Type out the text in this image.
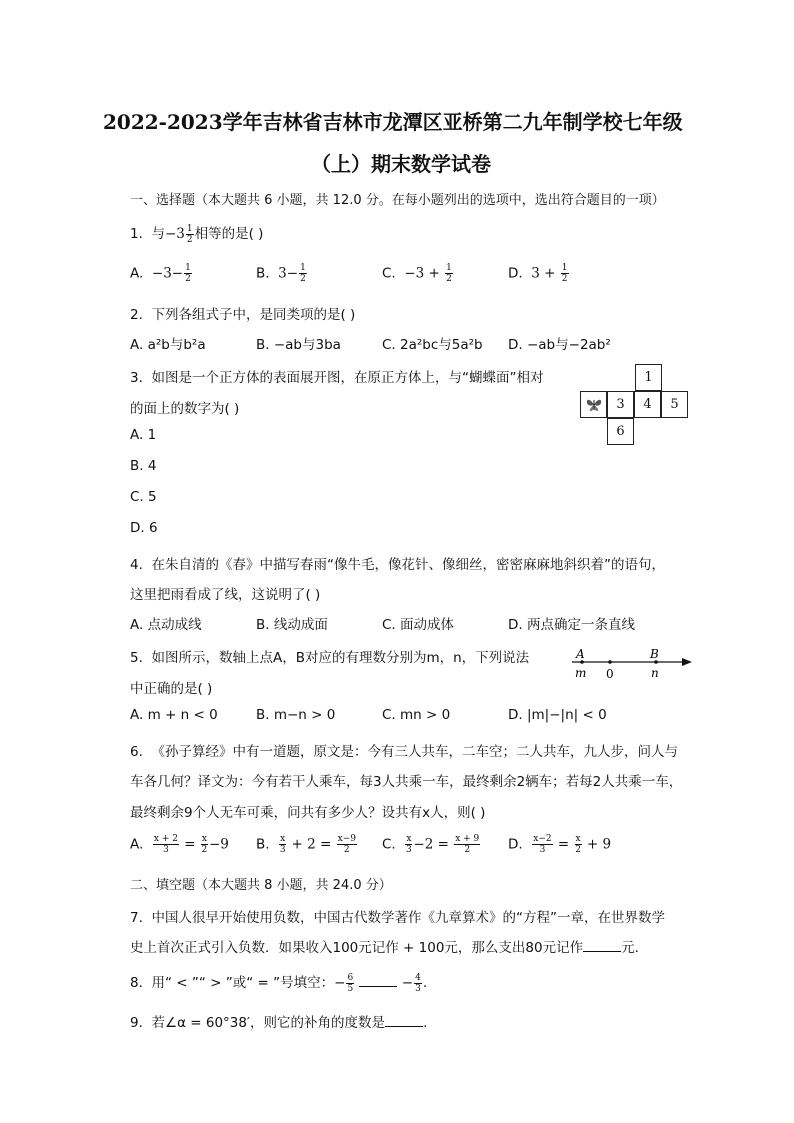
2022-2023学年吉林省吉林市龙潭区亚桥第二九年制学校七年级
（上）期末数学试卷
一、选择题（本大题共 6 小题，共 12.0 分。在每小题列出的选项中，选出符合题目的一项）
1. 与$-3 \frac{1}{2}$ 相等的是( )
A. $-3- \frac{1}{2}$	B. $3- \frac{1}{2}$	C. $-3 + \frac{1}{2}$	D. $3 + \frac{1}{2}$
2. 下列各组式子中，是同类项的是( )
A. a²b与b²a	B. −ab与3ba	C. 2a²bc与5a²b D. −ab与−2ab²
3. 如图是一个正方体的表面展开图，在原正方体上，与“蝴蝶面”相对
的面上的数字为( )
A. 1
B. 4
C. 5
D. 6
1
3	4	5
6
4. 在朱自清的《春》中描写春雨“像牛毛，像花针、像细丝，密密麻麻地斜织着”的语句，
这里把雨看成了线，这说明了( )
A. 点动成线	B. 线动成面	C. 面动成体	D. 两点确定一条直线
5. 如图所示，数轴上点A，B对应的有理数分别为m，n，下列说法
中正确的是( )
A	B
m 0	n
A. m + n < 0	B. m−n > 0	C. mn > 0	D. |m|−|n| < 0
6. 《孙子算经》中有一道题，原文是：今有三人共车，二车空；二人共车，九人步，问人与
车各几何？译文为：今有若干人乘车，每3人共乘一车，最终剩余2辆车；若每2人共乘一车，
最终剩余9个人无车可乘，问共有多少人？设共有x人，则( )
A. $\frac{x + 2}{3} = \frac{x}{2} -9$ B. $\frac{x}{3} + 2 = \frac{x-9}{2} C$. $\frac{x}{3} -2 = \frac{x + 9}{2} D$. $\frac{x-2}{3} = \frac{x}{2} + 9$
二、填空题（本大题共 8 小题，共 24.0 分）
7. 中国人很早开始使用负数，中国古代数学著作《九章算术》的“方程”一章，在世界数学
史上首次正式引入负数．如果收入100元记作 + 100元，那么支出80元记作	元．
8. 用“ < ”“ > ”或“ = ”号填空：− $\frac{6}{5}$	− $\frac{4}{3}$ .
9. 若∠α = 60°38′，则它的补角的度数是	.
